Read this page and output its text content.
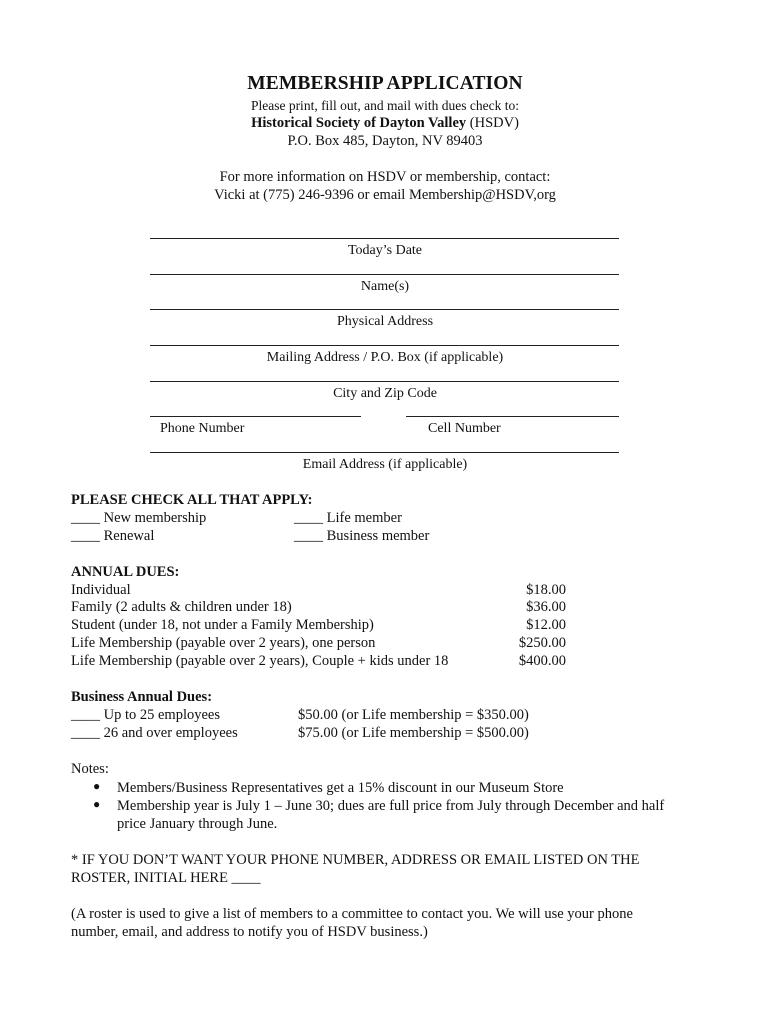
MEMBERSHIP APPLICATION
Please print, fill out, and mail with dues check to:
Historical Society of Dayton Valley (HSDV)
P.O. Box 485, Dayton, NV 89403
For more information on HSDV or membership, contact:
Vicki at (775) 246-9396 or email Membership@HSDV,org
Today’s Date
Name(s)
Physical Address
Mailing Address / P.O. Box (if applicable)
City and Zip Code
Phone Number	Cell Number
Email Address (if applicable)
PLEASE CHECK ALL THAT APPLY:
____ New membership	____ Life member
____ Renewal	____ Business member
ANNUAL DUES:
Individual	$18.00
Family (2 adults & children under 18)	$36.00
Student (under 18, not under a Family Membership)	$12.00
Life Membership (payable over 2 years), one person	$250.00
Life Membership (payable over 2 years), Couple + kids under 18	$400.00
Business Annual Dues:
____ Up to 25 employees	$50.00 (or Life membership = $350.00)
____ 26 and over employees	$75.00 (or Life membership = $500.00)
Notes:
● Members/Business Representatives get a 15% discount in our Museum Store
● Membership year is July 1 – June 30; dues are full price from July through December and half
price January through June.
* IF YOU DON’T WANT YOUR PHONE NUMBER, ADDRESS OR EMAIL LISTED ON THE
ROSTER, INITIAL HERE ____
(A roster is used to give a list of members to a committee to contact you. We will use your phone
number, email, and address to notify you of HSDV business.)
